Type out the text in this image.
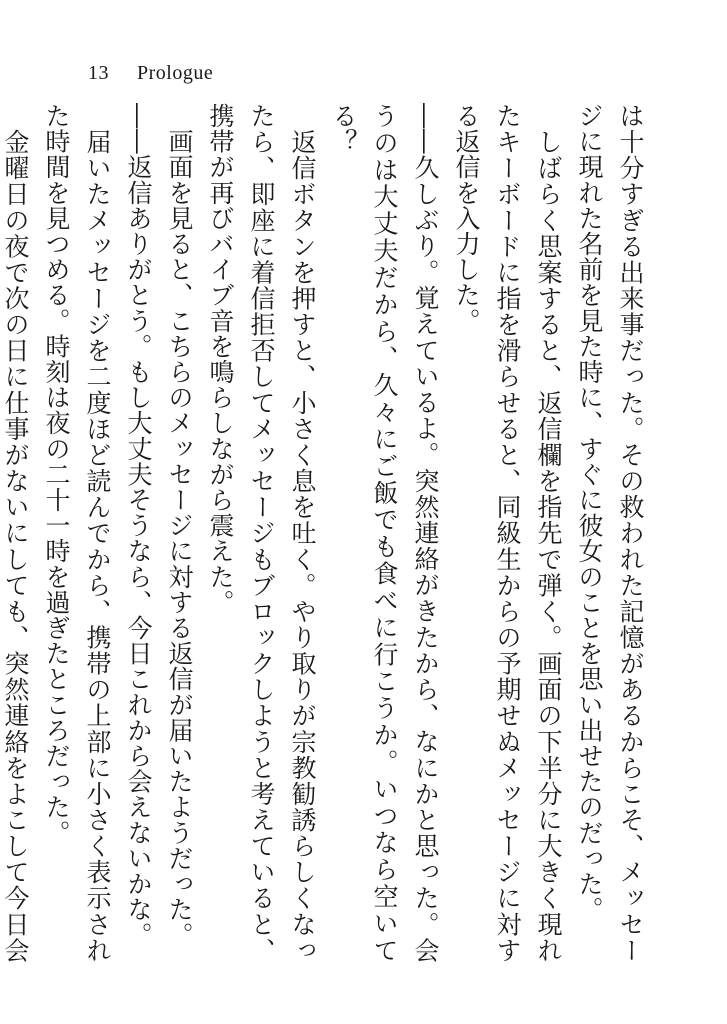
13 Prologue

は十分すぎる出来事だった。その救われた記憶があるからこそ、メッセージに現れた名前を見た時に、すぐに彼女のことを思い出せたのだった。

　しばらく思案すると、返信欄を指先で弾く。画面の下半分に大きく現れたキーボードに指を滑らせると、同級生からの予期せぬメッセージに対する返信を入力した。

――久しぶり。覚えているよ。突然連絡がきたから、なにかと思った。会うのは大丈夫だから、久々にご飯でも食べに行こうか。いつなら空いてる？

　返信ボタンを押すと、小さく息を吐く。やり取りが宗教勧誘らしくなったら、即座に着信拒否してメッセージもブロックしようと考えていると、携帯が再びバイブ音を鳴らしながら震えた。

　画面を見ると、こちらのメッセージに対する返信が届いたようだった。

――返信ありがとう。もし大丈夫そうなら、今日これから会えないかな。

　届いたメッセージを二度ほど読んでから、携帯の上部に小さく表示された時間を見つめる。時刻は夜の二十一時を過ぎたところだった。

　金曜日の夜で次の日に仕事がないにしても、突然連絡をよこして今日会
